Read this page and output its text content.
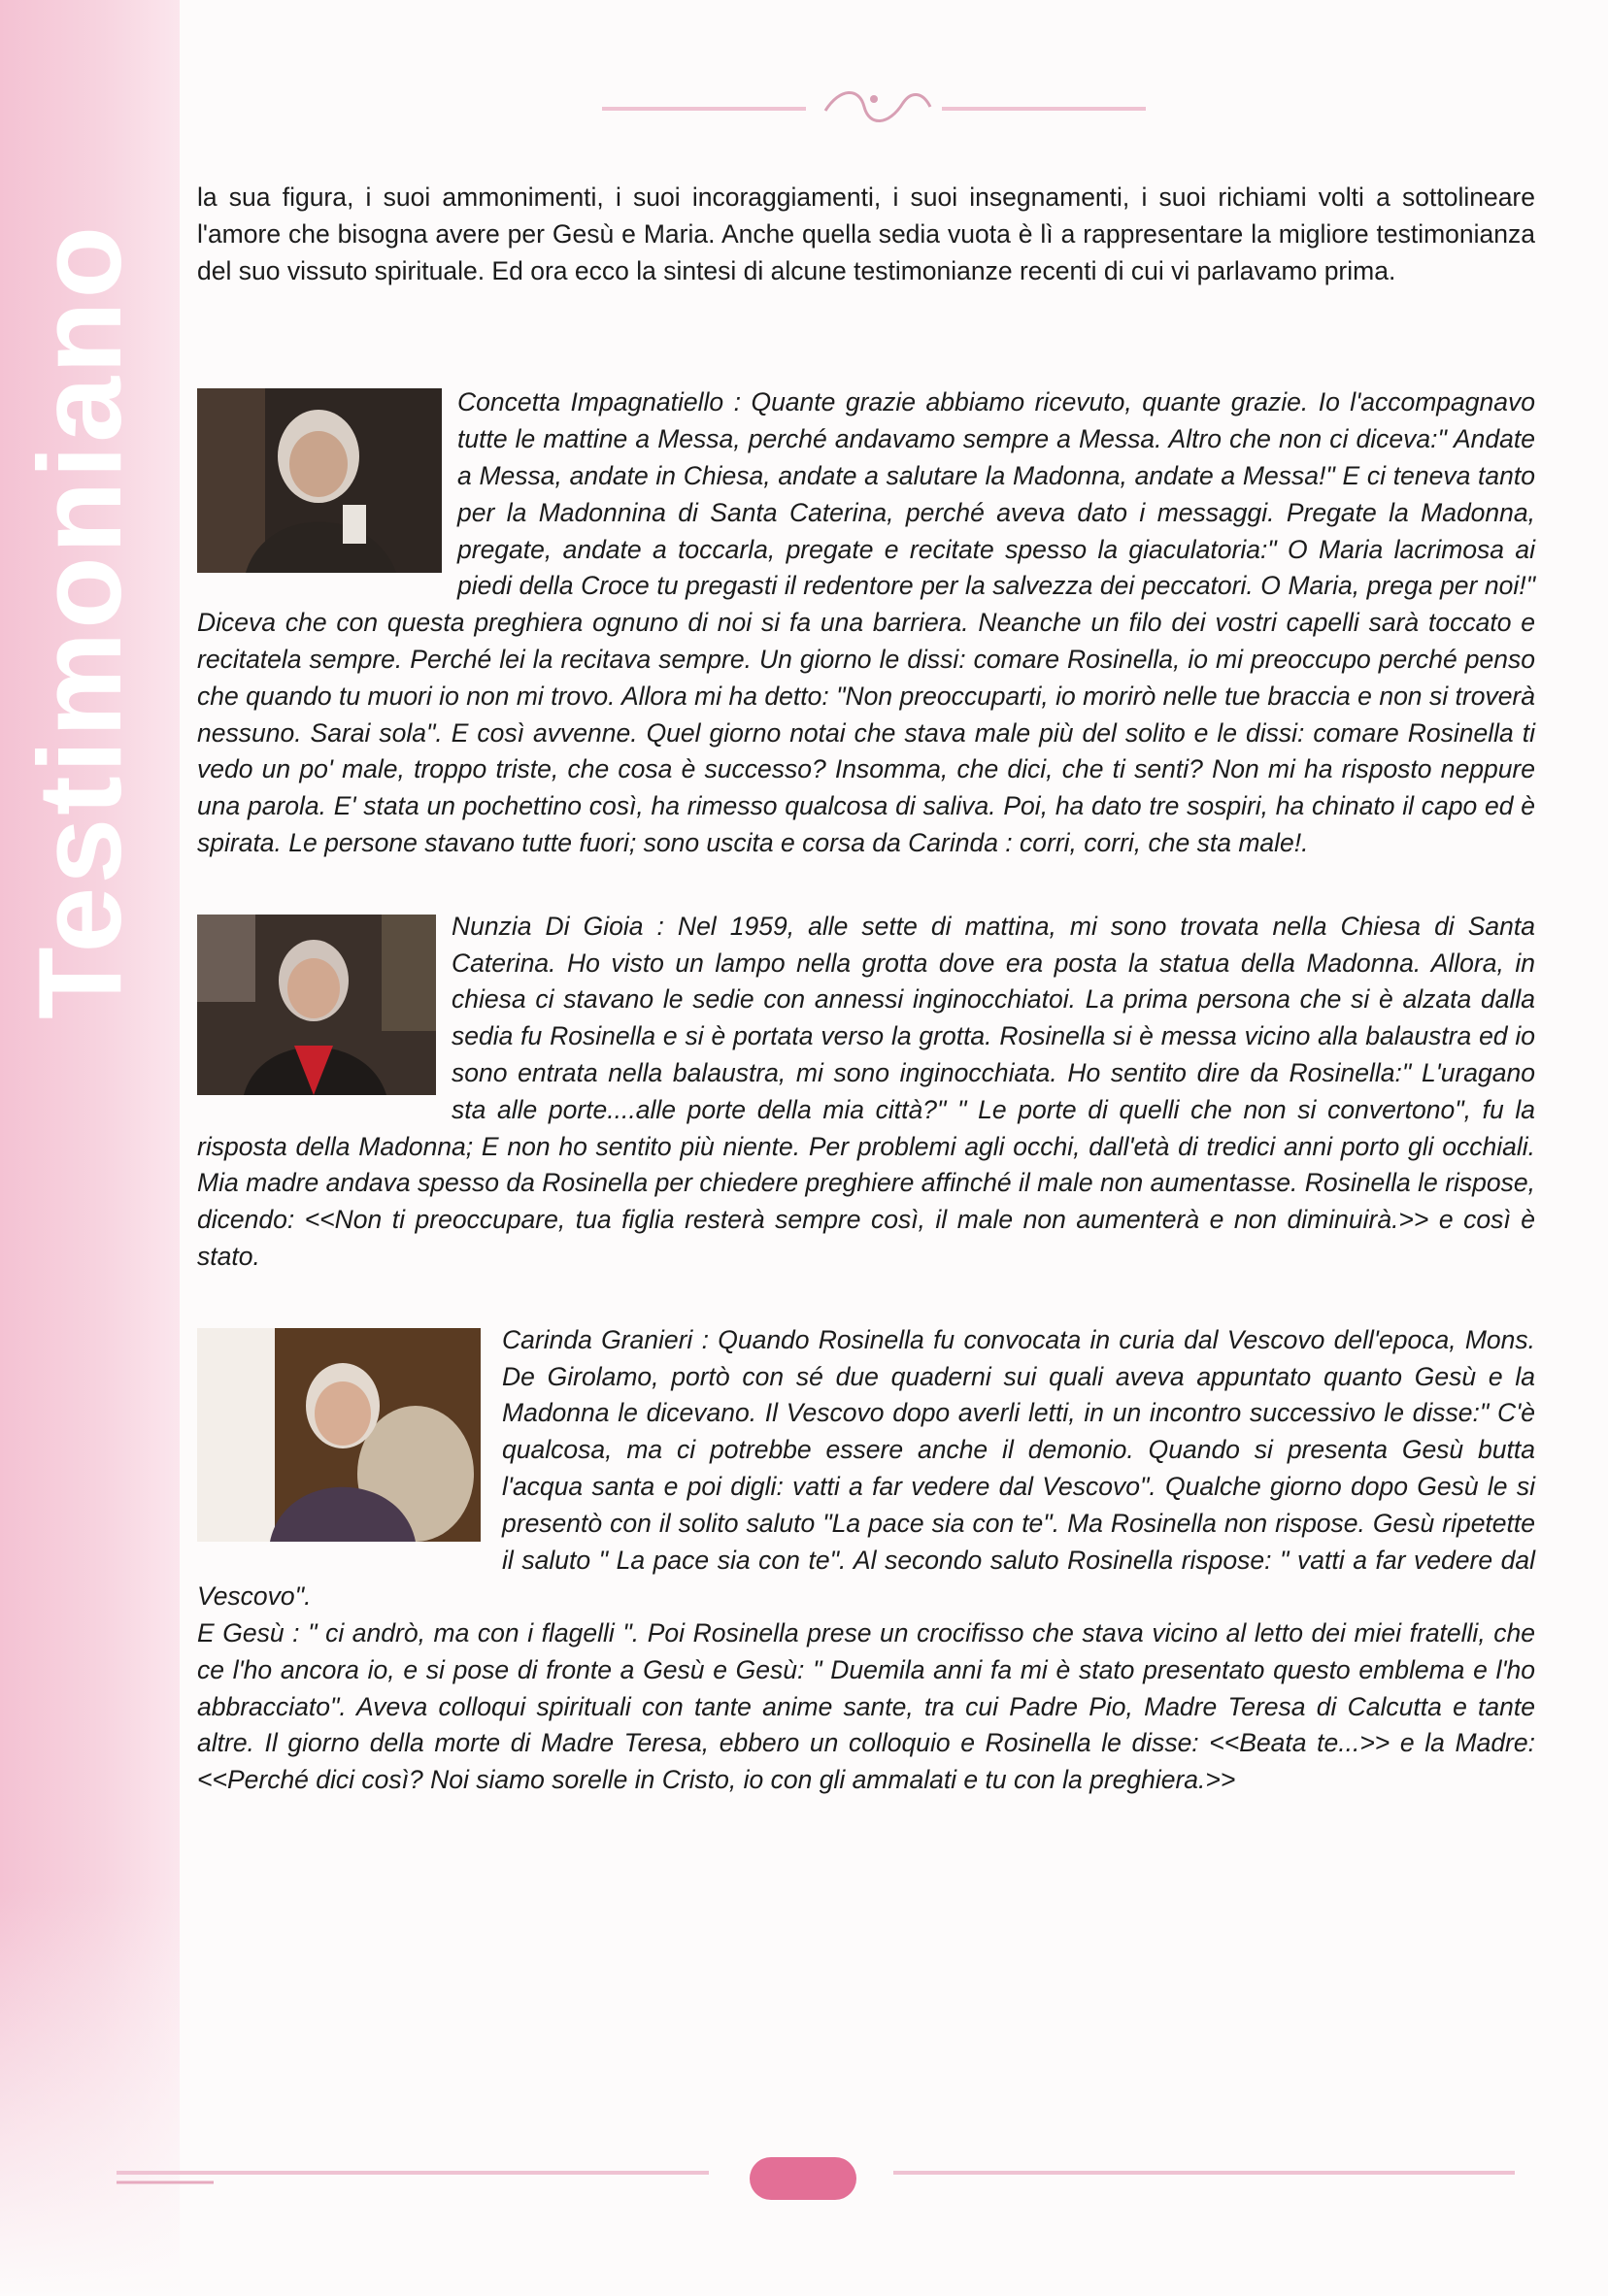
Testimoniano

la sua figura, i suoi ammonimenti, i suoi incoraggiamenti, i suoi insegnamenti, i suoi richiami volti a sottolineare l'amore che bisogna avere per Gesù e Maria. Anche quella sedia vuota è lì a rappresentare la migliore testimonianza del suo vissuto spirituale. Ed ora ecco la sintesi di alcune testimonianze recenti di cui vi parlavamo prima.

Concetta Impagnatiello : Quante grazie abbiamo ricevuto, quante grazie. Io l'accompagnavo tutte le mattine a Messa, perché andavamo sempre a Messa. Altro che non ci diceva:" Andate a Messa, andate in Chiesa, andate a salutare la Madonna, andate a Messa!" E ci teneva tanto per la Madonnina di Santa Caterina, perché aveva dato i messaggi. Pregate la Madonna, pregate, andate a toccarla, pregate e recitate spesso la giaculatoria:" O Maria lacrimosa ai piedi della Croce tu pregasti il redentore per la salvezza dei peccatori. O Maria, prega per noi!" Diceva che con questa preghiera ognuno di noi si fa una barriera. Neanche un filo dei vostri capelli sarà toccato e recitatela sempre. Perché lei la recitava sempre. Un giorno le dissi: comare Rosinella, io mi preoccupo perché penso che quando tu muori io non mi trovo. Allora mi ha detto: "Non preoccuparti, io morirò nelle tue braccia e non si troverà nessuno. Sarai sola". E così avvenne. Quel giorno notai che stava male più del solito e le dissi: comare Rosinella ti vedo un po' male, troppo triste, che cosa è successo? Insomma, che dici, che ti senti? Non mi ha risposto neppure una parola. E' stata un pochettino così, ha rimesso qualcosa di saliva. Poi, ha dato tre sospiri, ha chinato il capo ed è spirata. Le persone stavano tutte fuori; sono uscita e corsa da Carinda : corri, corri, che sta male!.

Nunzia Di Gioia : Nel 1959, alle sette di mattina, mi sono trovata nella Chiesa di Santa Caterina. Ho visto un lampo nella grotta dove era posta la statua della Madonna. Allora, in chiesa ci stavano le sedie con annessi inginocchiatoi. La prima persona che si è alzata dalla sedia fu Rosinella e si è portata verso la grotta. Rosinella si è messa vicino alla balaustra ed io sono entrata nella balaustra, mi sono inginocchiata. Ho sentito dire da Rosinella:" L'uragano sta alle porte....alle porte della mia città?" " Le porte di quelli che non si convertono", fu la risposta della Madonna; E non ho sentito più niente. Per problemi agli occhi, dall'età di tredici anni porto gli occhiali. Mia madre andava spesso da Rosinella per chiedere preghiere affinché il male non aumentasse. Rosinella le rispose, dicendo: <<Non ti preoccupare, tua figlia resterà sempre così, il male non aumenterà e non diminuirà.>> e così è stato.

Carinda Granieri : Quando Rosinella fu convocata in curia dal Vescovo dell'epoca, Mons. De Girolamo, portò con sé due quaderni sui quali aveva appuntato quanto Gesù e la Madonna le dicevano. Il Vescovo dopo averli letti, in un incontro successivo le disse:" C'è qualcosa, ma ci potrebbe essere anche il demonio. Quando si presenta Gesù butta l'acqua santa e poi digli: vatti a far vedere dal Vescovo". Qualche giorno dopo Gesù le si presentò con il solito saluto "La pace sia con te". Ma Rosinella non rispose. Gesù ripetette il saluto " La pace sia con te". Al secondo saluto Rosinella rispose: " vatti a far vedere dal Vescovo".

E Gesù : " ci andrò, ma con i flagelli ". Poi Rosinella prese un crocifisso che stava vicino al letto dei miei fratelli, che ce l'ho ancora io, e si pose di fronte a Gesù e Gesù: " Duemila anni fa mi è stato presentato questo emblema e l'ho abbracciato". Aveva colloqui spirituali con tante anime sante, tra cui Padre Pio, Madre Teresa di Calcutta e tante altre. Il giorno della morte di Madre Teresa, ebbero un colloquio e Rosinella le disse: <<Beata te...>> e la Madre: <<Perché dici così? Noi siamo sorelle in Cristo, io con gli ammalati e tu con la preghiera.>>
